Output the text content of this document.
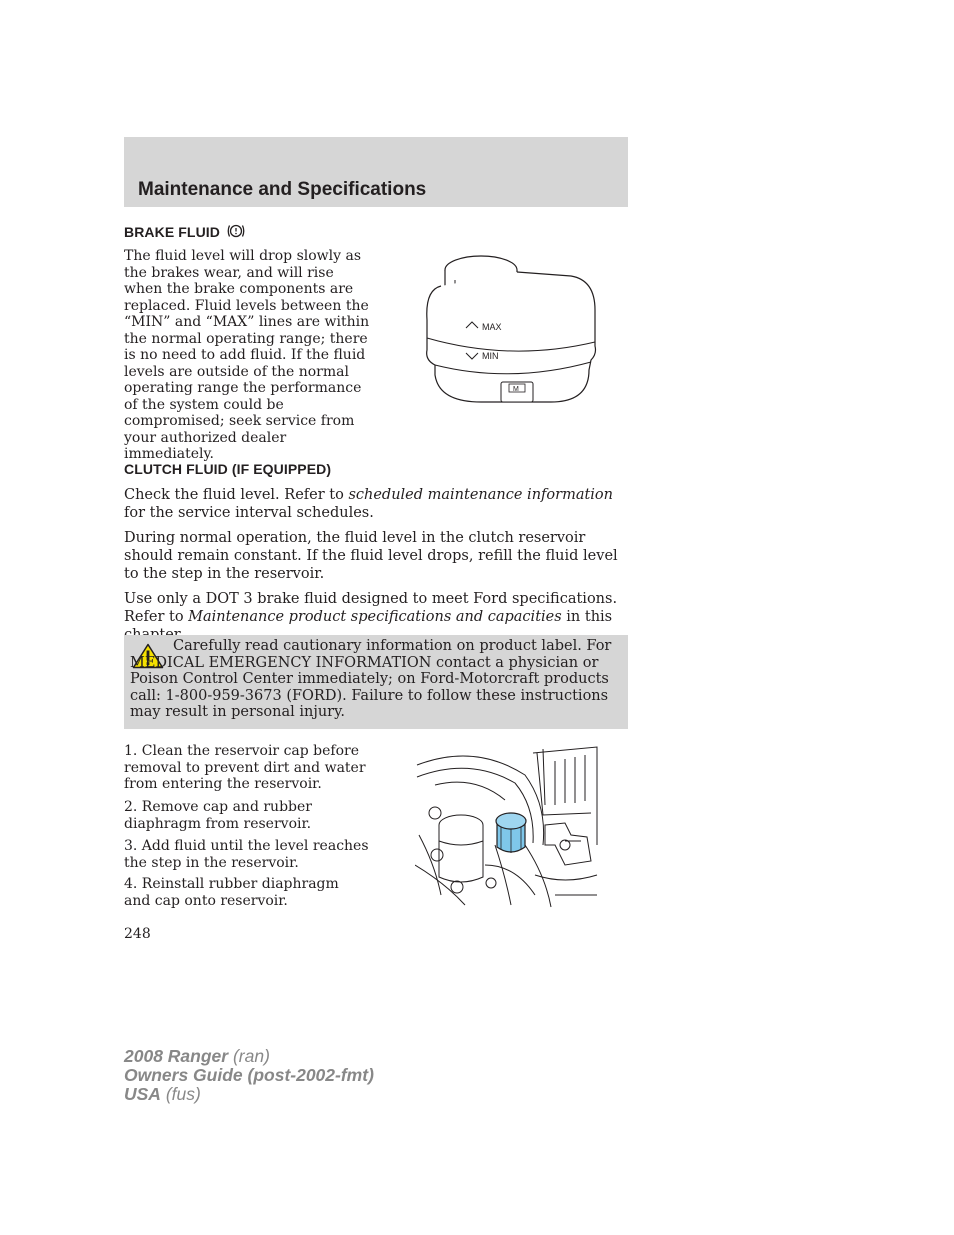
Maintenance and Specifications
BRAKE FLUID

The fluid level will drop slowly as the brakes wear, and will rise when the brake components are replaced. Fluid levels between the “MIN” and “MAX” lines are within the normal operating range; there is no need to add fluid. If the fluid levels are outside of the normal operating range the performance of the system could be compromised; seek service from your authorized dealer immediately.

MAX
MIN
M
CLUTCH FLUID (IF EQUIPPED)

Check the fluid level. Refer to scheduled maintenance information for the service interval schedules.

During normal operation, the fluid level in the clutch reservoir should remain constant. If the fluid level drops, refill the fluid level to the step in the reservoir.

Use only a DOT 3 brake fluid designed to meet Ford specifications. Refer to Maintenance product specifications and capacities in this

Carefully read cautionary information on product label. For MEDICAL EMERGENCY INFORMATION contact a physician or Poison Control Center immediately; on Ford-Motorcraft products call: 1-800-959-3673 (FORD). Failure to follow these instructions may result in personal injury.

1. Clean the reservoir cap before removal to prevent dirt and water from entering the reservoir.

2. Remove cap and rubber diaphragm from reservoir.

3. Add fluid until the level reaches the step in the reservoir.

4. Reinstall rubber diaphragm and cap onto reservoir.

248

2008 Ranger (ran)
Owners Guide (post-2002-fmt)
USA (fus)
